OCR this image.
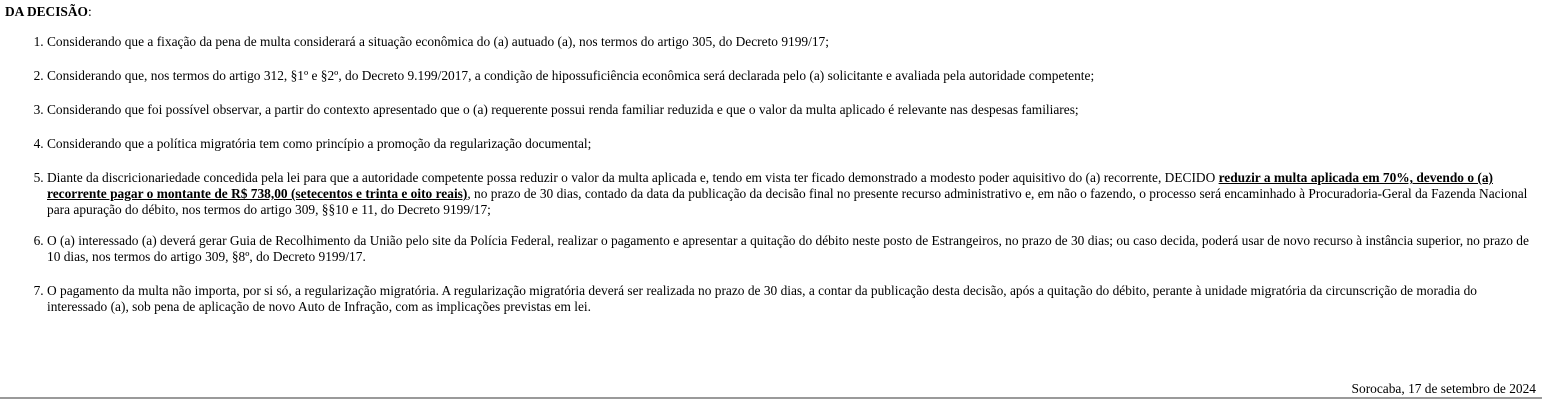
DA DECISÃO:

1. Considerando que a fixação da pena de multa considerará a situação econômica do (a) autuado (a), nos termos do artigo 305, do Decreto 9199/17;
2. Considerando que, nos termos do artigo 312, §1º e §2º, do Decreto 9.199/2017, a condição de hipossuficiência econômica será declarada pelo (a) solicitante e avaliada pela autoridade competente;
3. Considerando que foi possível observar, a partir do contexto apresentado que o (a) requerente possui renda familiar reduzida e que o valor da multa aplicado é relevante nas despesas familiares;
4. Considerando que a política migratória tem como princípio a promoção da regularização documental;
5. Diante da discricionariedade concedida pela lei para que a autoridade competente possa reduzir o valor da multa aplicada e, tendo em vista ter ficado demonstrado a modesto poder aquisitivo do (a) recorrente, DECIDO reduzir a multa aplicada em 70%, devendo o (a) recorrente pagar o montante de R$ 738,00 (setecentos e trinta e oito reais), no prazo de 30 dias, contado da data da publicação da decisão final no presente recurso administrativo e, em não o fazendo, o processo será encaminhado à Procuradoria-Geral da Fazenda Nacional para apuração do débito, nos termos do artigo 309, §§10 e 11, do Decreto 9199/17;
6. O (a) interessado (a) deverá gerar Guia de Recolhimento da União pelo site da Polícia Federal, realizar o pagamento e apresentar a quitação do débito neste posto de Estrangeiros, no prazo de 30 dias; ou caso decida, poderá usar de novo recurso à instância superior, no prazo de 10 dias, nos termos do artigo 309, §8º, do Decreto 9199/17.
7. O pagamento da multa não importa, por si só, a regularização migratória. A regularização migratória deverá ser realizada no prazo de 30 dias, a contar da publicação desta decisão, após a quitação do débito, perante à unidade migratória da circunscrição de moradia do interessado (a), sob pena de aplicação de novo Auto de Infração, com as implicações previstas em lei.
Sorocaba, 17 de setembro de 2024
